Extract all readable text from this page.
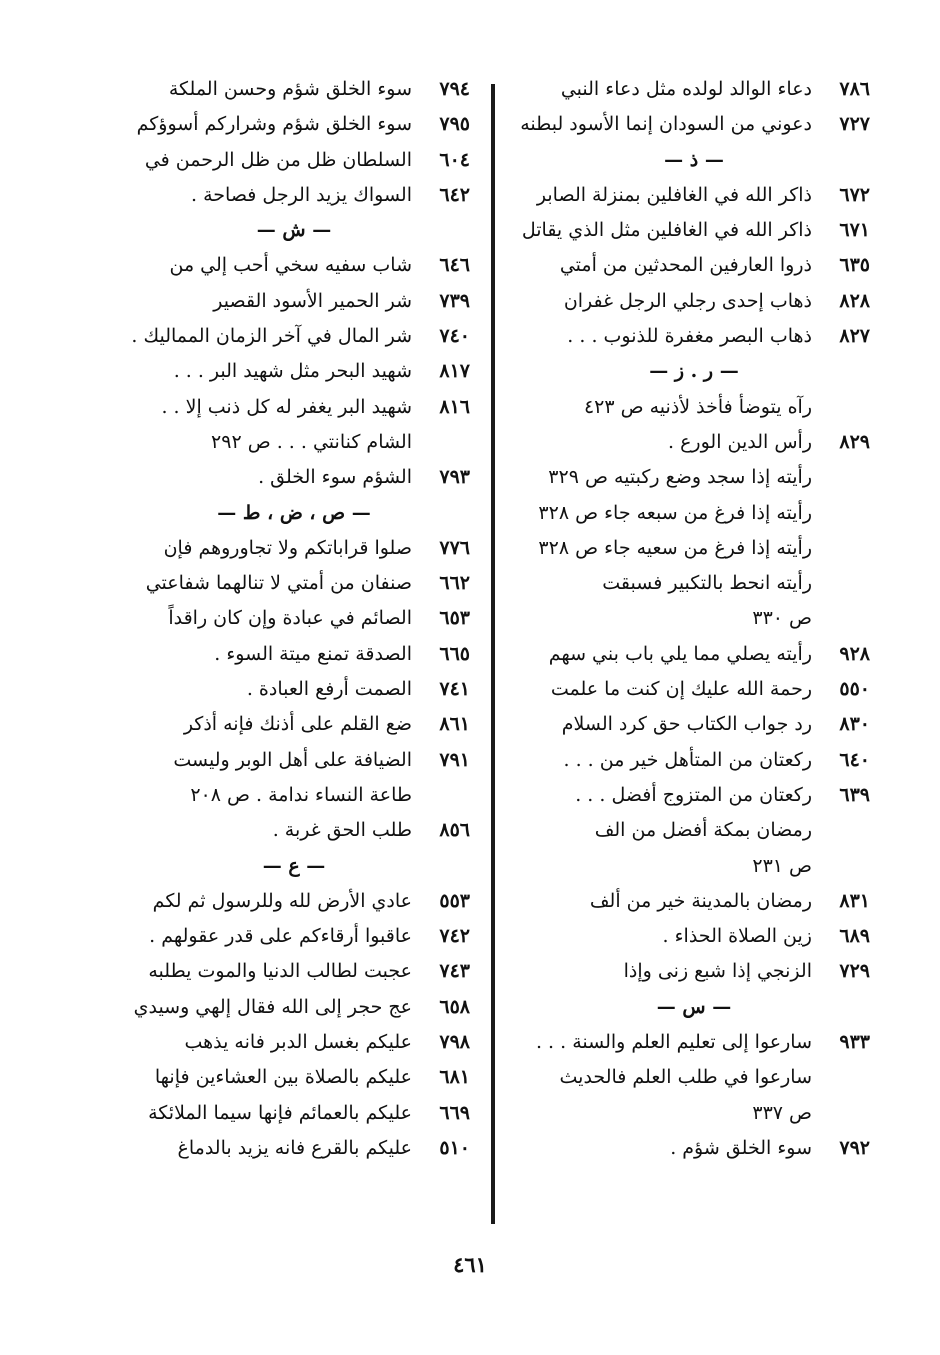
٧٨٦
دعاء الوالد لولده مثل دعاء النبي
٧٢٧
دعوني من السودان إنما الأسود لبطنه
— ذ —
٦٧٢
ذاكر الله في الغافلين بمنزلة الصابر
٦٧١
ذاكر الله في الغافلين مثل الذي يقاتل
٦٣٥
ذروا العارفين المحدثين من أمتي
٨٢٨
ذهاب إحدى رجلي الرجل غفران
٨٢٧
ذهاب البصر مغفرة للذنوب . . .
— ر . ز —
رآه يتوضأ فأخذ لأذنيه ص ٤٢٣
٨٢٩
رأس الدين الورع .
رأيته إذا سجد وضع ركبتيه ص ٣٢٩
رأيته إذا فرغ من سبعه جاء ص ٣٢٨
رأيته إذا فرغ من سعيه جاء ص ٣٢٨
رأيته انحط بالتكبير فسبقت
ص ٣٣٠
٩٢٨
رأيته يصلي مما يلي باب بني سهم
٥٥٠
رحمة الله عليك إن كنت ما علمت
٨٣٠
رد جواب الكتاب حق كرد السلام
٦٤٠
ركعتان من المتأهل خير من . . .
٦٣٩
ركعتان من المتزوج أفضل . . .
رمضان بمكة أفضل من الف
ص ٢٣١
٨٣١
رمضان بالمدينة خير من ألف
٦٨٩
زين الصلاة الحذاء .
٧٢٩
الزنجي إذا شبع زنى وإذا
— س —
٩٣٣
سارعوا إلى تعليم العلم والسنة . . .
سارعوا في طلب العلم فالحديث
ص ٣٣٧
٧٩٢
سوء الخلق شؤم .
٧٩٤
سوء الخلق شؤم وحسن الملكة
٧٩٥
سوء الخلق شؤم وشراركم أسوؤكم
٦٠٤
السلطان ظل من ظل الرحمن في
٦٤٢
السواك يزيد الرجل فصاحة .
— ش —
٦٤٦
شاب سفيه سخي أحب إلي من
٧٣٩
شر الحمير الأسود القصير
٧٤٠
شر المال في آخر الزمان المماليك .
٨١٧
شهيد البحر مثل شهيد البر . . .
٨١٦
شهيد البر يغفر له كل ذنب إلا . .
الشام كنانتي . . . ص ٢٩٢
٧٩٣
الشؤم سوء الخلق .
— ص ، ض ، ط —
٧٧٦
صلوا قراباتكم ولا تجاوروهم فإن
٦٦٢
صنفان من أمتي لا تنالهما شفاعتي
٦٥٣
الصائم في عبادة وإن كان راقداً
٦٦٥
الصدقة تمنع ميتة السوء .
٧٤١
الصمت أرفع العبادة .
٨٦١
ضع القلم على أذنك فإنه أذكر
٧٩١
الضيافة على أهل الوبر وليست
طاعة النساء ندامة . ص ٢٠٨
٨٥٦
طلب الحق غربة .
— ع —
٥٥٣
عادي الأرض لله وللرسول ثم لكم
٧٤٢
عاقبوا أرقاءكم على قدر عقولهم .
٧٤٣
عجبت لطالب الدنيا والموت يطلبه
٦٥٨
عج حجر إلى الله فقال إلهي وسيدي
٧٩٨
عليكم بغسل الدبر فانه يذهب
٦٨١
عليكم بالصلاة بين العشاءين فإنها
٦٦٩
عليكم بالعمائم فإنها سيما الملائكة
٥١٠
عليكم بالقرع فانه يزيد بالدماغ
٤٦١
